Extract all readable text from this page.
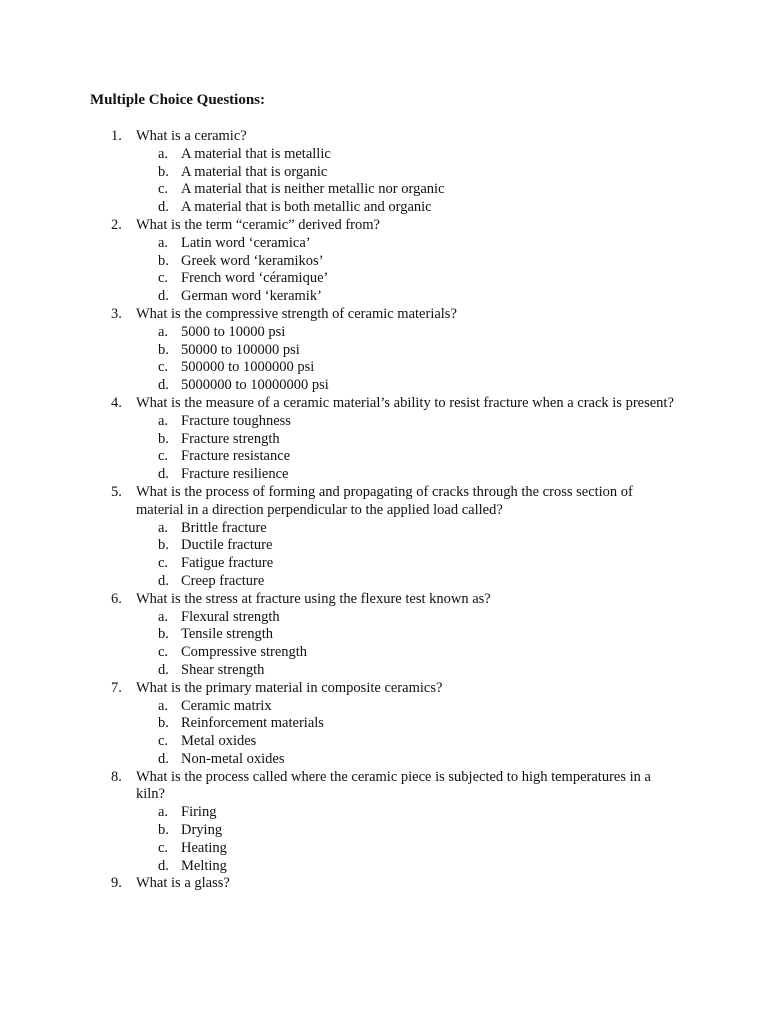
Multiple Choice Questions:
1. What is a ceramic?
a. A material that is metallic
b. A material that is organic
c. A material that is neither metallic nor organic
d. A material that is both metallic and organic
2. What is the term “ceramic” derived from?
a. Latin word ‘ceramica’
b. Greek word ‘keramikos’
c. French word ‘céramique’
d. German word ‘keramik’
3. What is the compressive strength of ceramic materials?
a. 5000 to 10000 psi
b. 50000 to 100000 psi
c. 500000 to 1000000 psi
d. 5000000 to 10000000 psi
4. What is the measure of a ceramic material’s ability to resist fracture when a crack is present?
a. Fracture toughness
b. Fracture strength
c. Fracture resistance
d. Fracture resilience
5. What is the process of forming and propagating of cracks through the cross section of material in a direction perpendicular to the applied load called?
a. Brittle fracture
b. Ductile fracture
c. Fatigue fracture
d. Creep fracture
6. What is the stress at fracture using the flexure test known as?
a. Flexural strength
b. Tensile strength
c. Compressive strength
d. Shear strength
7. What is the primary material in composite ceramics?
a. Ceramic matrix
b. Reinforcement materials
c. Metal oxides
d. Non-metal oxides
8. What is the process called where the ceramic piece is subjected to high temperatures in a kiln?
a. Firing
b. Drying
c. Heating
d. Melting
9. What is a glass?
